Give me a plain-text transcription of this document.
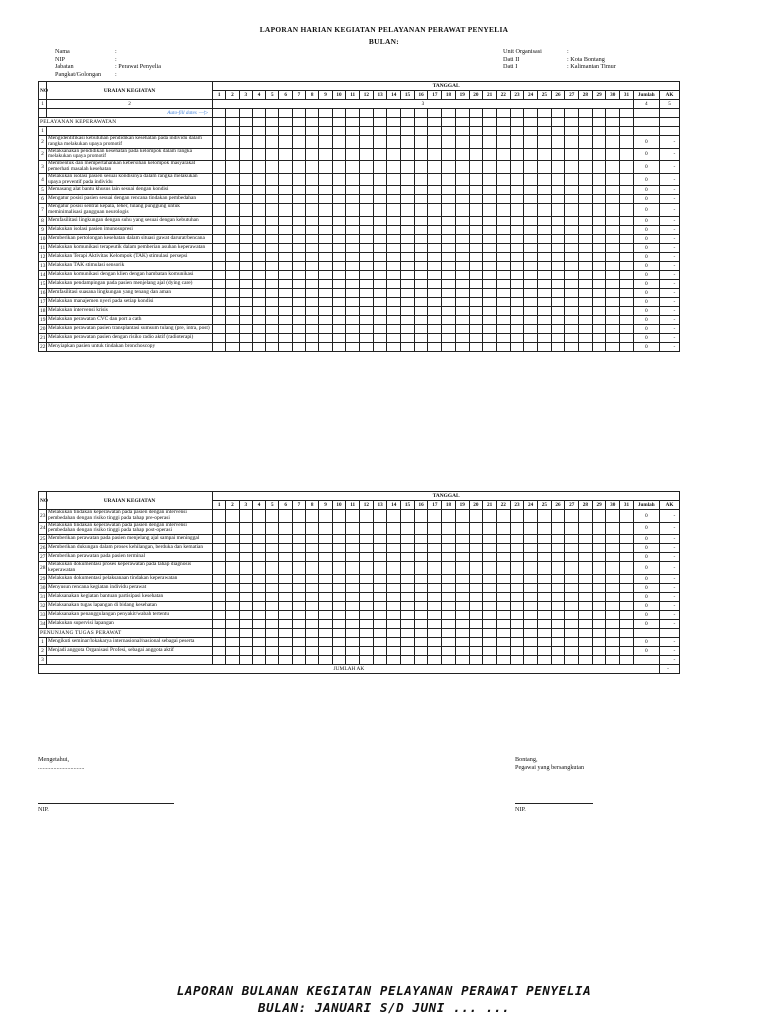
LAPORAN HARIAN KEGIATAN PELAYANAN PERAWAT PENYELIA
BULAN:
Nama	:
NIP	:
Jabatan	: Perawat Penyelia
Pangkat/Golongan	:
Unit Organisasi	:
Dati II	: Kota Bontang
Dati I	: Kalimantan Timur
NO	URAIAN KEGIATAN	TANGGAL																																
		1	2	3	4	5	6	7	8	9	10	11	12	13	14	15	16	17	18	19	20	21	22	23	24	25	26	27	28	29	30	31	Jumlah	AK
1	2	3																															4	5
	Auto-fill dates —▷																																	
PELAYANAN KEPERAWATAN																																		
1																																		
2	Mengidentifikasi kebutuhan pendidikan kesehatan pada individu dalam rangka melakukan upaya promotif																																0	-
2	Melaksanakan pendidikan kesehatan pada kelompok dalam rangka melakukan upaya promotif																																0	-
3	Membentuk dan mempertahankan kebersihan kelompok masyarakat pemerhati masalah kesehatan																																0	-
4	Melakukan isolasi pasien sesuai kondisinya dalam rangka melakukan upaya preventif pada individu																																0	-
5	Memasang alat bantu khusus lain sesuai dengan kondisi																																0	-
6	Mengatur posisi pasien sesuai dengan rencana tindakan pembedahan																																0	-
7	Mengatur posisi sentral kepala, leher, tulang punggung untuk meminimalisasi gangguan neurologis																																0	-
8	Memfasilitasi lingkungan dengan suhu yang sesuai dengan kebutuhan																																0	-
9	Melakukan isolasi pasien imunosupresi																																0	-
10	Memberikan pertolongan kesehatan dalam situasi gawat darurat/bencana																																0	-
11	Melakukan komunikasi terapeutik dalam pemberian asuhan keperawatan																																0	-
12	Melakukan Terapi Aktivitas Kelompok (TAK) stimulasi persepsi																																0	-
13	Melakukan TAK stimulasi sensorik																																0	-
14	Melakukan komunikasi dengan klien dengan hambatan komunikasi																																0	-
15	Melakukan pendampingan pada pasien menjelang ajal (dying care)																																0	-
16	Memfasilitasi suasana lingkungan yang tenang dan aman																																0	-
17	Melakukan manajemen nyeri pada setiap kondisi																																0	-
18	Melakukan intervensi krisis																																0	-
19	Melakukan perawatan CVC dan port a cath																																0	-
20	Melakukan perawatan pasien transplantasi sumsum tulang (pre, intra, post)																																0	-
21	Melakukan perawatan pasien dengan risiko radio aktif (radioterapi)																																0	-
22	Menyiapkan pasien untuk tindakan bronchoscopy																																0	-
NO	URAIAN KEGIATAN	TANGGAL																																
		1	2	3	4	5	6	7	8	9	10	11	12	13	14	15	16	17	18	19	20	21	22	23	24	25	26	27	28	29	30	31	Jumlah	AK
23	Melakukan tindakan keperawatan pada pasien dengan intervensi pembedahan dengan risiko tinggi pada tahap pre-operasi																																0	-
24	Melakukan tindakan keperawatan pada pasien dengan intervensi pembedahan dengan risiko tinggi pada tahap post-operasi																																0	-
25	Memberikan perawatan pada pasien menjelang ajal sampai meninggal																																0	-
26	Memberikan dukungan dalam proses kehilangan, berduka dan kematian																																0	-
27	Memberikan perawatan pada pasien terminal																																0	-
28	Melakukan dokumentasi proses keperawatan pada tahap diagnosis keperawatan																																0	-
29	Melakukan dokumentasi pelaksanaan tindakan keperawatan																																0	-
30	Menyusun rencana kegiatan individu perawat																																0	-
31	Melaksanakan kegiatan bantuan partisipasi kesehatan																																0	-
32	Melaksanakan tugas lapangan di bidang kesehatan																																0	-
33	Melaksanakan penanggulangan penyakit/wabah tertentu																																0	-
34	Melakukan supervisi lapangan																																0	-
PENUNJANG TUGAS PERAWAT																																		
1	Mengikuti seminar/lokakarya internasional/nasional sebagai peserta																																0	-
2	Menjadi anggota Organisasi Profesi, sebagai anggota aktif																																0	-
3																																		-
JUMLAH AK																																		-
Mengetahui,
..............................
Bontang,
Pegawai yang bersangkutan
NIP.	NIP.
LAPORAN BULANAN KEGIATAN PELAYANAN PERAWAT PENYELIA
BULAN: JANUARI S/D JUNI ... ...
